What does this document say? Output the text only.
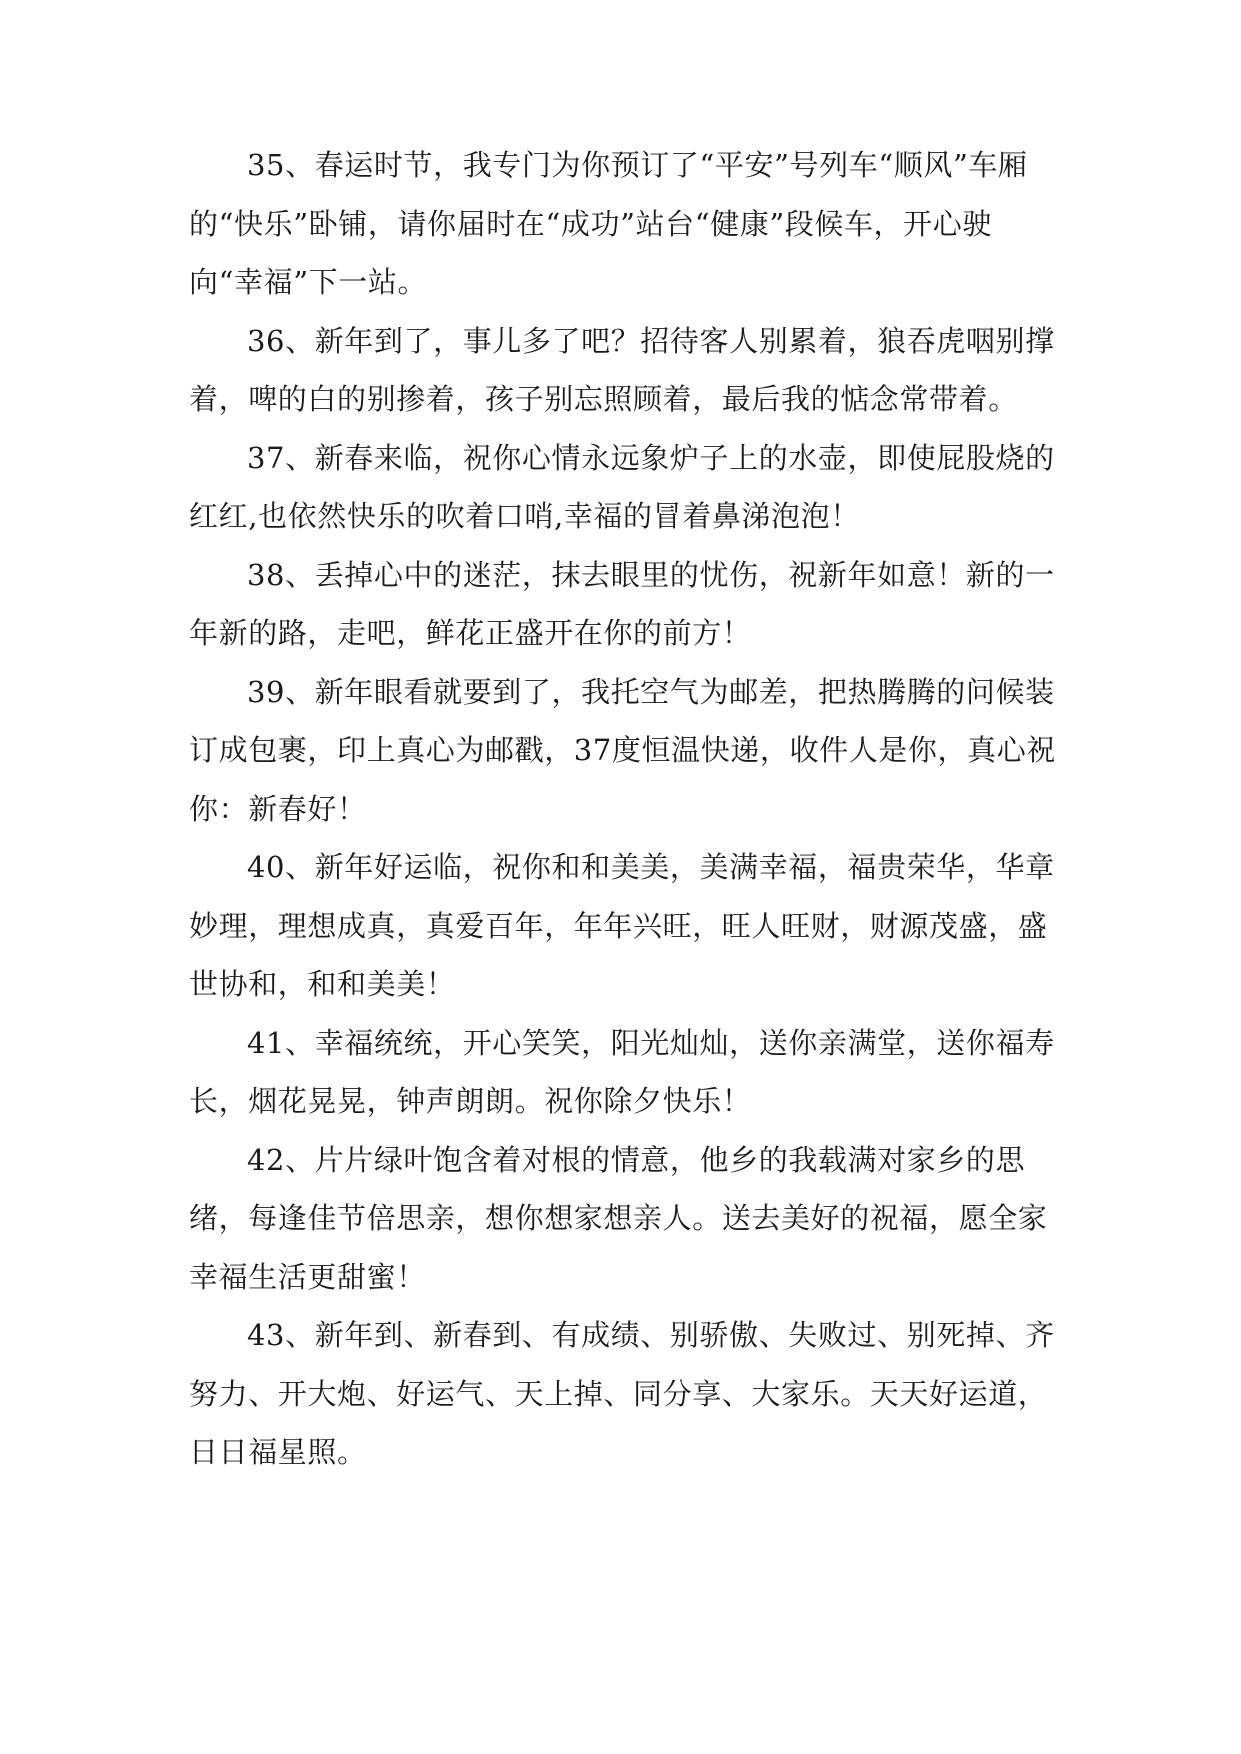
35、春运时节，我专门为你预订了“平安”号列车“顺风”车厢的“快乐”卧铺，请你届时在“成功”站台“健康”段候车，开心驶向“幸福”下一站。

36、新年到了，事儿多了吧？招待客人别累着，狼吞虎咽别撑着，啤的白的别掺着，孩子别忘照顾着，最后我的惦念常带着。

37、新春来临，祝你心情永远象炉子上的水壶，即使屁股烧的红红,也依然快乐的吹着口哨,幸福的冒着鼻涕泡泡！

38、丢掉心中的迷茫，抹去眼里的忧伤，祝新年如意！新的一年新的路，走吧，鲜花正盛开在你的前方！

39、新年眼看就要到了，我托空气为邮差，把热腾腾的问候装订成包裹，印上真心为邮戳，37度恒温快递，收件人是你，真心祝你：新春好！

40、新年好运临，祝你和和美美，美满幸福，福贵荣华，华章妙理，理想成真，真爱百年，年年兴旺，旺人旺财，财源茂盛，盛世协和，和和美美！

41、幸福统统，开心笑笑，阳光灿灿，送你亲满堂，送你福寿长，烟花晃晃，钟声朗朗。祝你除夕快乐！

42、片片绿叶饱含着对根的情意，他乡的我载满对家乡的思绪，每逢佳节倍思亲，想你想家想亲人。送去美好的祝福，愿全家幸福生活更甜蜜！

43、新年到、新春到、有成绩、别骄傲、失败过、别死掉、齐努力、开大炮、好运气、天上掉、同分享、大家乐。天天好运道，日日福星照。
